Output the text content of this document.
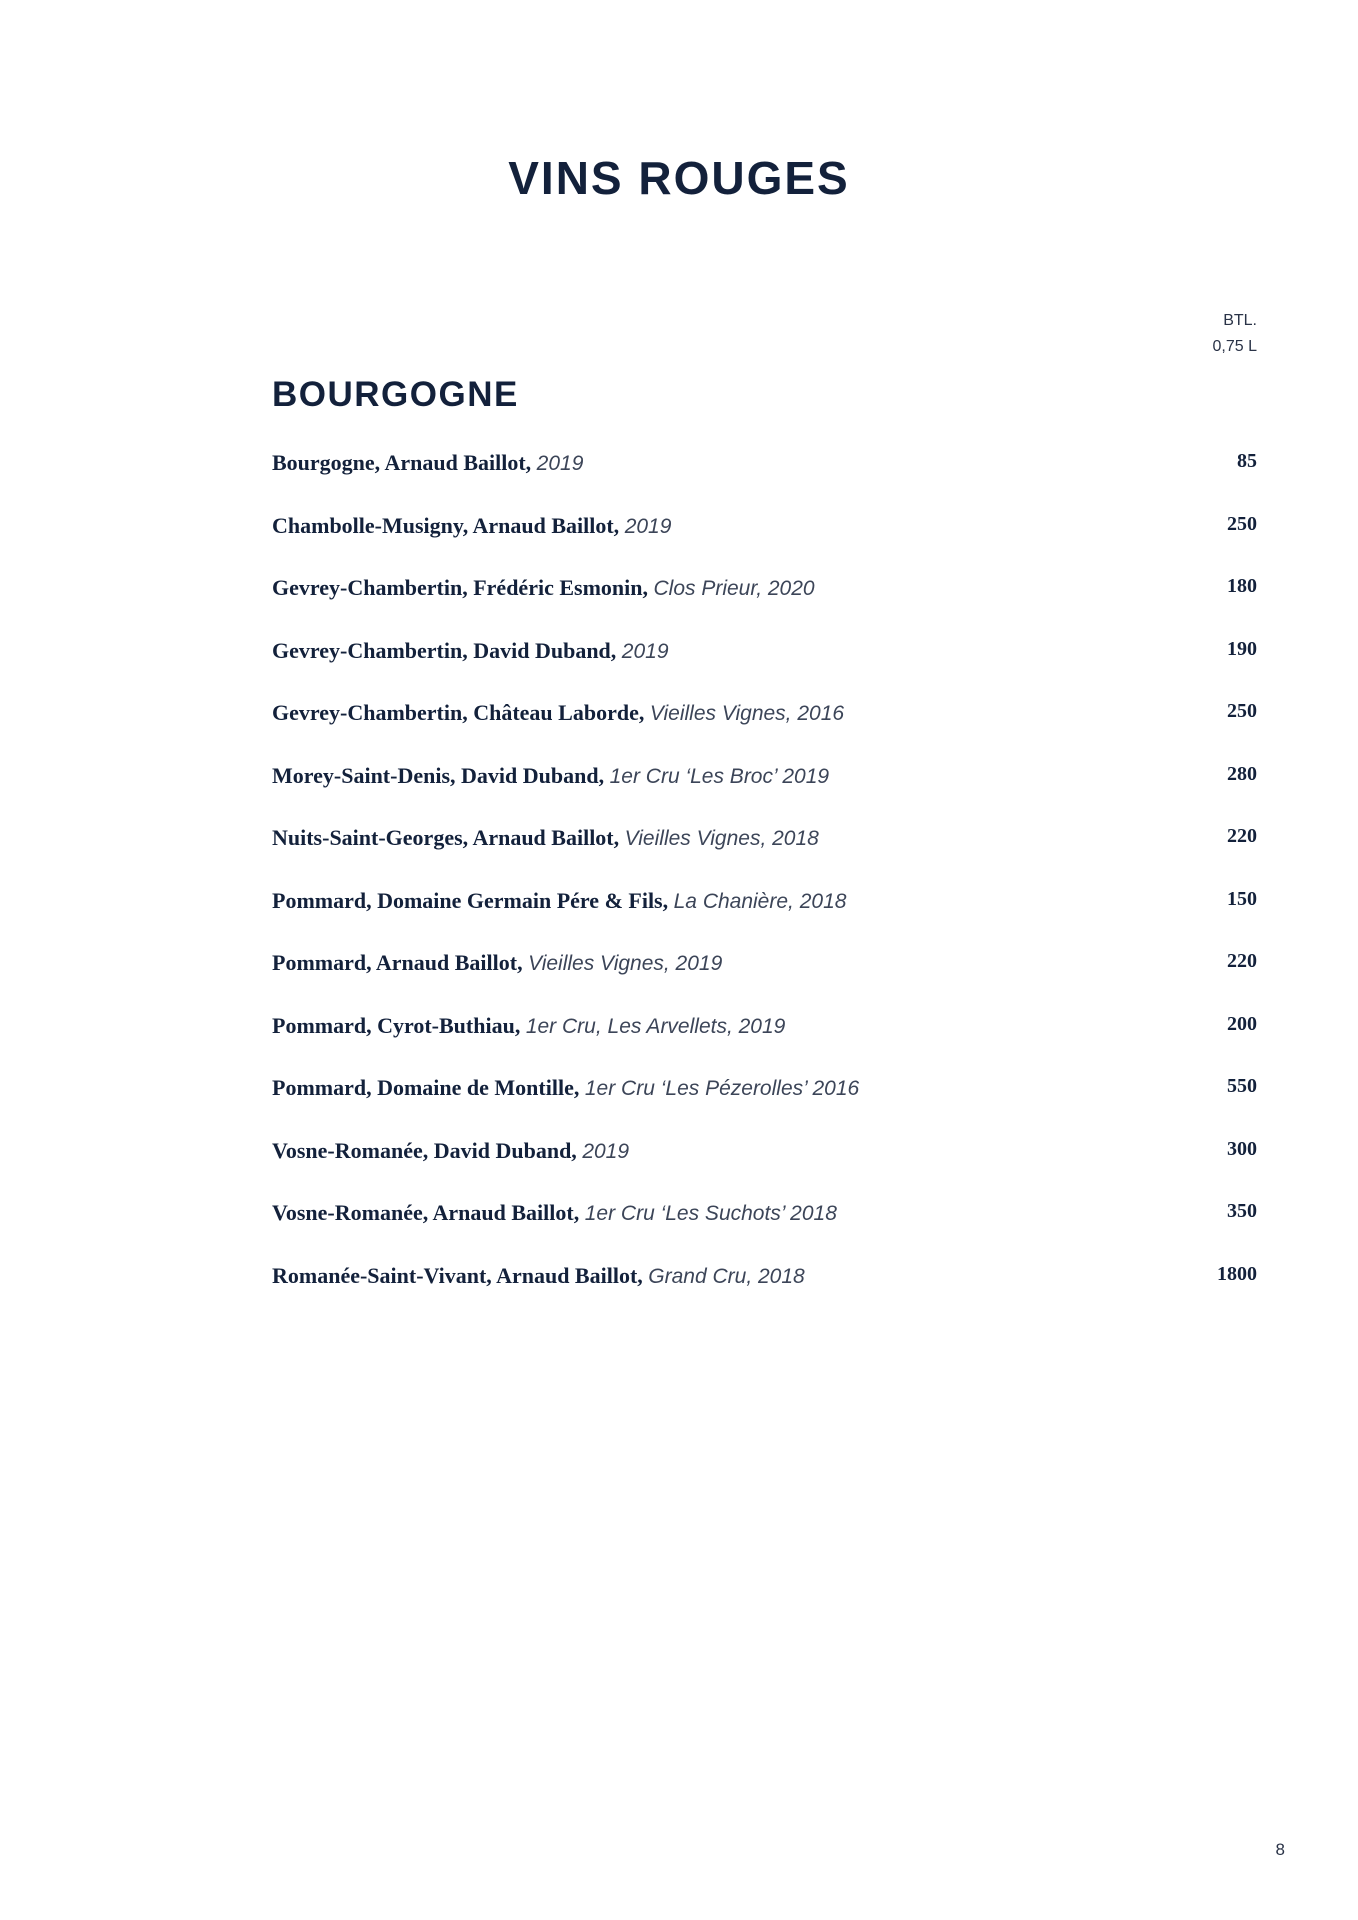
VINS ROUGES
BTL.
0,75 L
BOURGOGNE
Bourgogne, Arnaud Baillot, 2019	85
Chambolle-Musigny, Arnaud Baillot, 2019	250
Gevrey-Chambertin, Frédéric Esmonin, Clos Prieur, 2020	180
Gevrey-Chambertin, David Duband, 2019	190
Gevrey-Chambertin, Château Laborde, Vieilles Vignes, 2016	250
Morey-Saint-Denis, David Duband, 1er Cru ‘Les Broc’ 2019	280
Nuits-Saint-Georges, Arnaud Baillot, Vieilles Vignes, 2018	220
Pommard, Domaine Germain Pére & Fils, La Chanière, 2018	150
Pommard, Arnaud Baillot, Vieilles Vignes, 2019	220
Pommard, Cyrot-Buthiau, 1er Cru, Les Arvellets, 2019	200
Pommard, Domaine de Montille, 1er Cru ‘Les Pézerolles’ 2016	550
Vosne-Romanée, David Duband, 2019	300
Vosne-Romanée, Arnaud Baillot, 1er Cru ‘Les Suchots’ 2018	350
Romanée-Saint-Vivant, Arnaud Baillot, Grand Cru, 2018	1800
8
